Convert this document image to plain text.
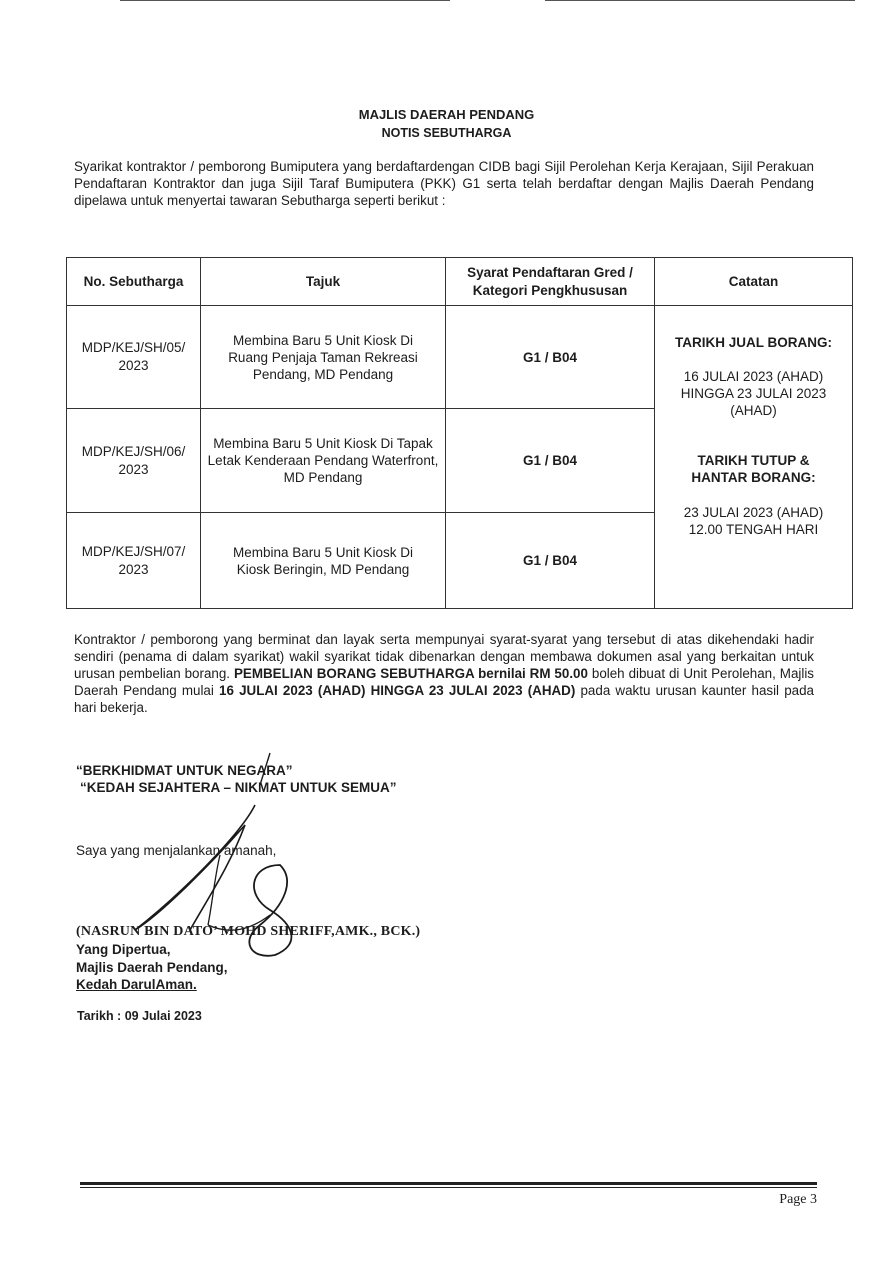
MAJLIS DAERAH PENDANG
NOTIS SEBUTHARGA
Syarikat kontraktor / pemborong Bumiputera yang berdaftardengan CIDB bagi Sijil Perolehan Kerja Kerajaan, Sijil Perakuan Pendaftaran Kontraktor dan juga Sijil Taraf Bumiputera (PKK) G1 serta telah berdaftar dengan Majlis Daerah Pendang dipelawa untuk menyertai tawaran Sebutharga seperti berikut :
No. Sebutharga	Tajuk	Syarat Pendaftaran Gred / Kategori Pengkhususan	Catatan
MDP/KEJ/SH/05/ 2023	Membina Baru 5 Unit Kiosk Di Ruang Penjaja Taman Rekreasi Pendang, MD Pendang	G1 / B04	
MDP/KEJ/SH/06/ 2023	Membina Baru 5 Unit Kiosk Di Tapak Letak Kenderaan Pendang Waterfront, MD Pendang	G1 / B04	
MDP/KEJ/SH/07/ 2023	Membina Baru 5 Unit Kiosk Di Kiosk Beringin, MD Pendang	G1 / B04	
TARIKH JUAL BORANG:
16 JULAI 2023 (AHAD) HINGGA 23 JULAI 2023 (AHAD)
TARIKH TUTUP & HANTAR BORANG:
23 JULAI 2023 (AHAD) 12.00 TENGAH HARI
Kontraktor / pemborong yang berminat dan layak serta mempunyai syarat-syarat yang tersebut di atas dikehendaki hadir sendiri (penama di dalam syarikat) wakil syarikat tidak dibenarkan dengan membawa dokumen asal yang berkaitan untuk urusan pembelian borang. PEMBELIAN BORANG SEBUTHARGA bernilai RM 50.00 boleh dibuat di Unit Perolehan, Majlis Daerah Pendang mulai 16 JULAI 2023 (AHAD) HINGGA 23 JULAI 2023 (AHAD) pada waktu urusan kaunter hasil pada hari bekerja.
“BERKHIDMAT UNTUK NEGARA”
“KEDAH SEJAHTERA – NIKMAT UNTUK SEMUA”
Saya yang menjalankan amanah,
(NASRUN BIN DATO’ MOHD SHERIFF,AMK., BCK.)
Yang Dipertua,
Majlis Daerah Pendang,
Kedah DarulAman.
Tarikh : 09 Julai 2023
Page 3
